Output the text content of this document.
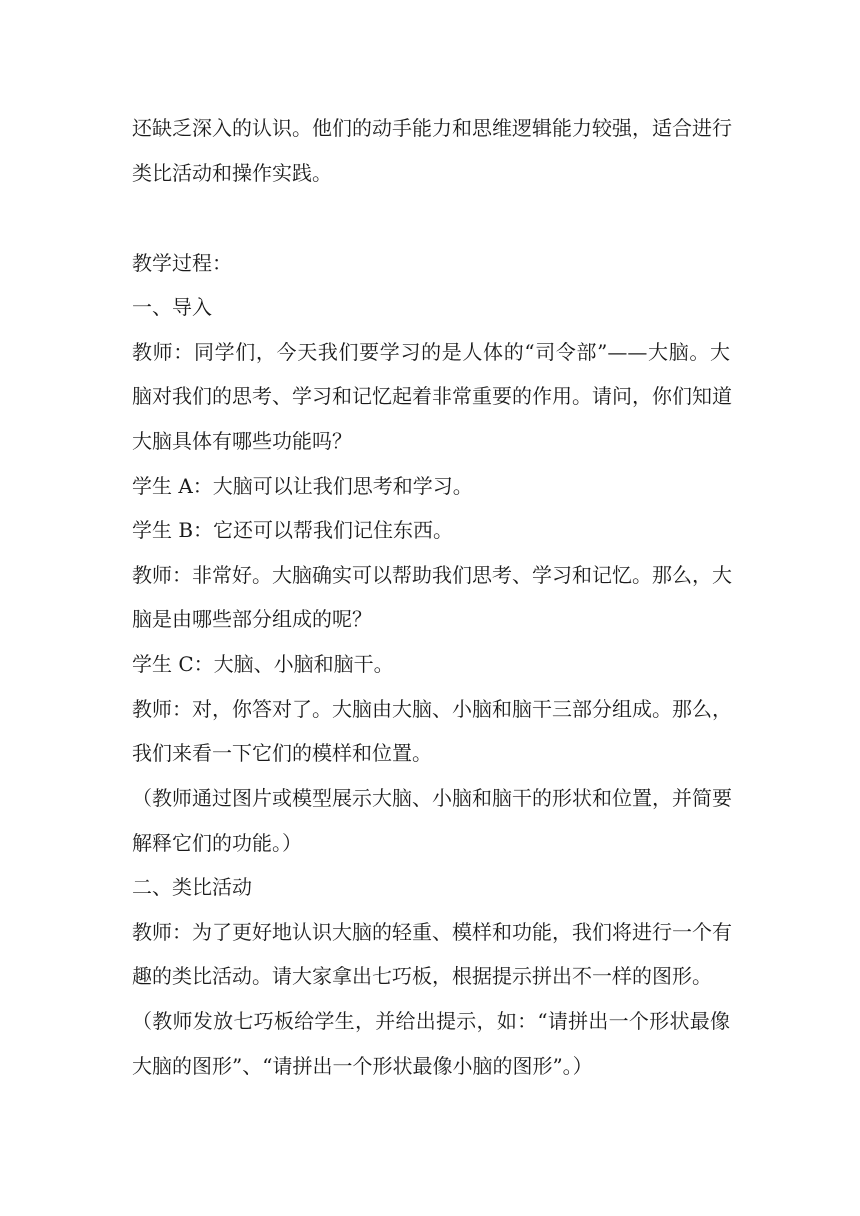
还缺乏深入的认识。他们的动手能力和思维逻辑能力较强，适合进行
类比活动和操作实践。
教学过程：
一、导入
教师：同学们，今天我们要学习的是人体的“司令部”——大脑。大
脑对我们的思考、学习和记忆起着非常重要的作用。请问，你们知道
大脑具体有哪些功能吗？
学生 A：大脑可以让我们思考和学习。
学生 B：它还可以帮我们记住东西。
教师：非常好。大脑确实可以帮助我们思考、学习和记忆。那么，大
脑是由哪些部分组成的呢？
学生 C：大脑、小脑和脑干。
教师：对，你答对了。大脑由大脑、小脑和脑干三部分组成。那么，
我们来看一下它们的模样和位置。
（教师通过图片或模型展示大脑、小脑和脑干的形状和位置，并简要
解释它们的功能。）
二、类比活动
教师：为了更好地认识大脑的轻重、模样和功能，我们将进行一个有
趣的类比活动。请大家拿出七巧板，根据提示拼出不一样的图形。
（教师发放七巧板给学生，并给出提示，如：“请拼出一个形状最像
大脑的图形”、“请拼出一个形状最像小脑的图形”。）
